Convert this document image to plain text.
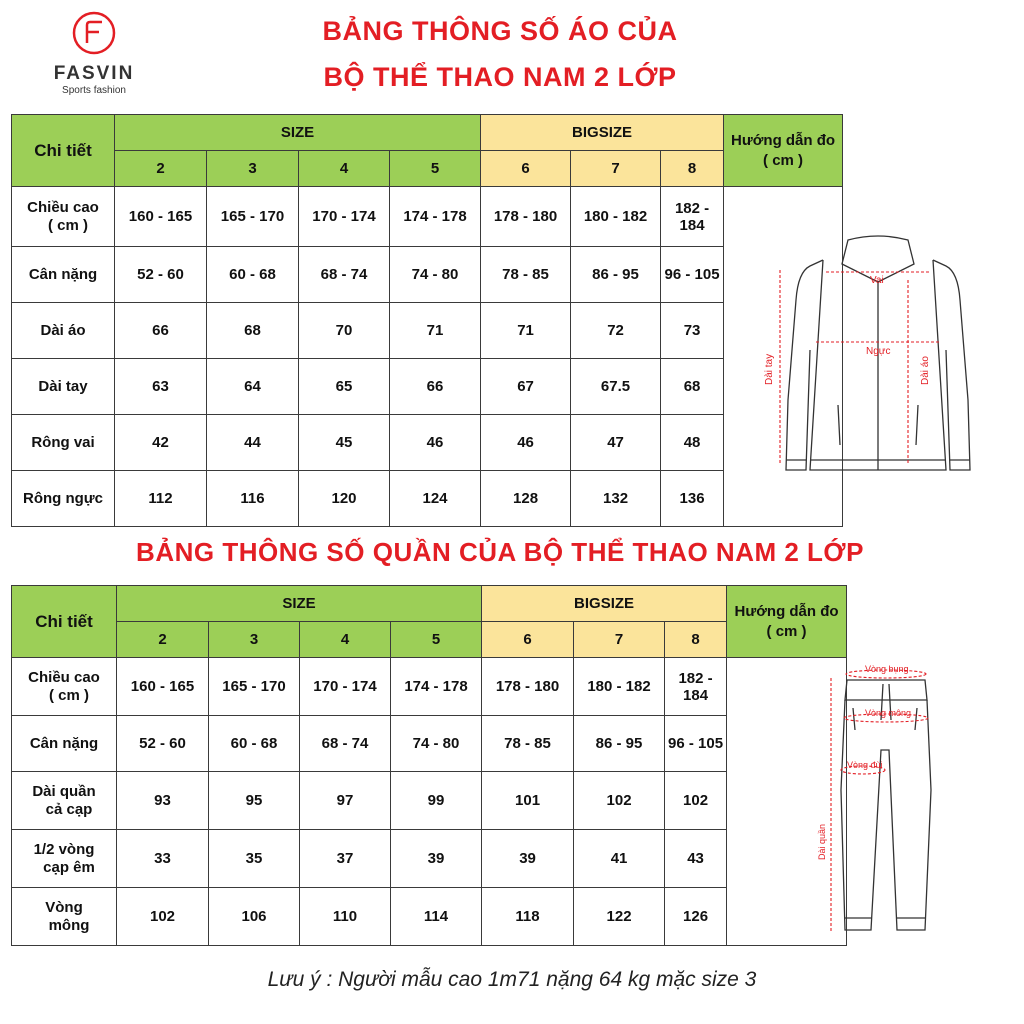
FASVIN
Sports fashion
BẢNG THÔNG SỐ ÁO CỦA
BỘ THỂ THAO NAM 2 LỚP
Chi tiết	SIZE				BIGSIZE			Hướng dẫn đo
( cm )

	2	3	4	5	6	7	8	

Chiều cao
( cm )	160 - 165	165 - 170	170 - 174	174 - 178	178 - 180	180 - 182	182 - 184	

Cân nặng	52 - 60	60 - 68	68 - 74	74 - 80	78 - 85	86 - 95	96 - 105	

Dài áo	66	68	70	71	71	72	73	

Dài tay	63	64	65	66	67	67.5	68	

Rông vai	42	44	45	46	46	47	48	

Rông ngực	112	116	120	124	128	132	136	
Vai
Ngực
Dài tay	Dài áo
BẢNG THÔNG SỐ QUẦN CỦA BỘ THỂ THAO NAM 2 LỚP
Chi tiết	SIZE				BIGSIZE			Hướng dẫn đo
( cm )

	2	3	4	5	6	7	8	

Chiều cao
( cm )	160 - 165	165 - 170	170 - 174	174 - 178	178 - 180	180 - 182	182 - 184	

Cân nặng	52 - 60	60 - 68	68 - 74	74 - 80	78 - 85	86 - 95	96 - 105	

Dài quần
cả cạp	93	95	97	99	101	102	102	

1/2 vòng
cạp êm	33	35	37	39	39	41	43	

Vòng
mông	102	106	110	114	118	122	126	
Vòng bụng
Vòng mông
Vòng đùi
Dài quần
Lưu ý : Người mẫu cao 1m71 nặng 64 kg mặc size 3
